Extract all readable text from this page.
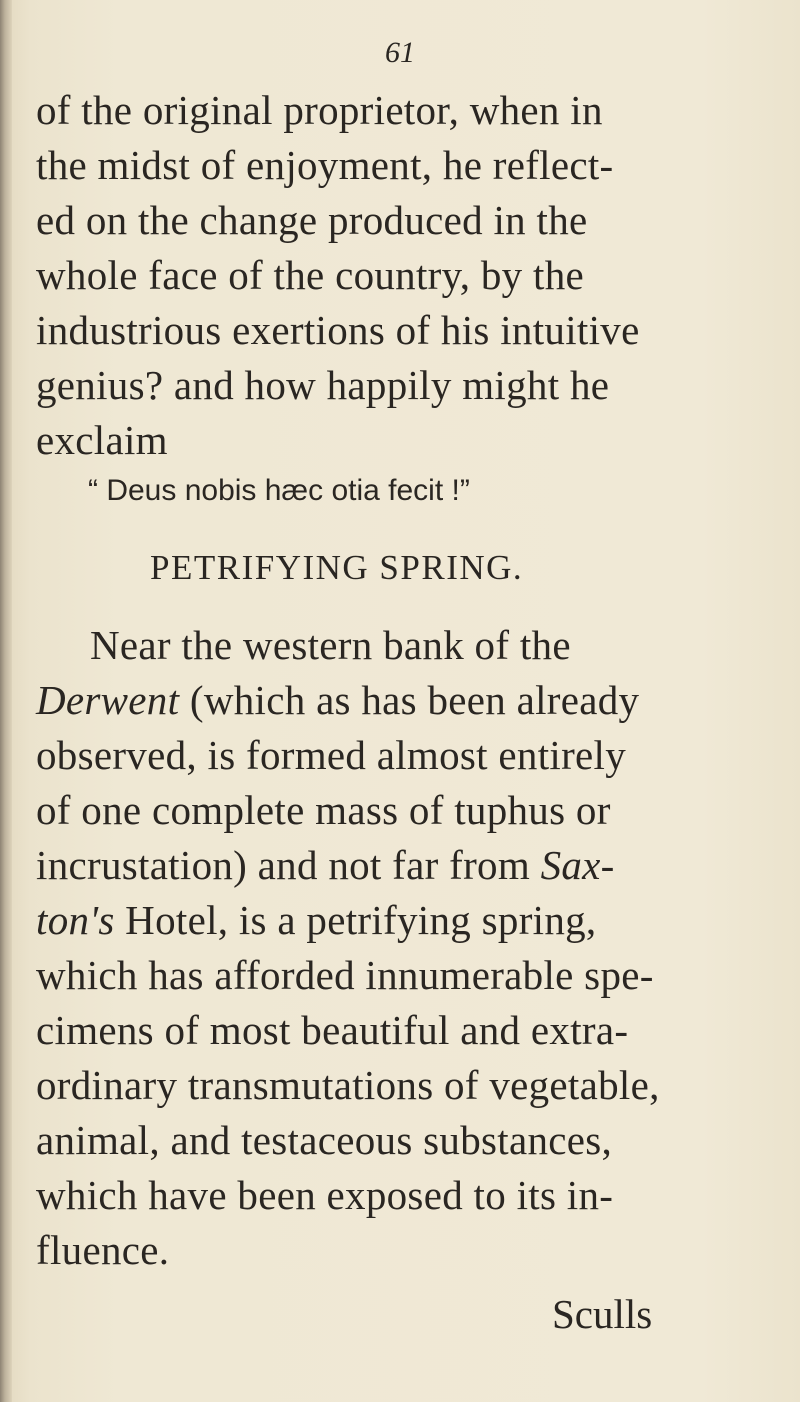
61
of the original proprietor, when in
the midst of enjoyment, he reflect-
ed on the change produced in the
whole face of the country, by the
industrious exertions of his intuitive
genius? and how happily might he
exclaim
“ Deus nobis hæc otia fecit !”
PETRIFYING SPRING.
Near the western bank of the
Derwent (which as has been already
observed, is formed almost entirely
of one complete mass of tuphus or
incrustation) and not far from Sax-
ton's Hotel, is a petrifying spring,
which has afforded innumerable spe-
cimens of most beautiful and extra-
ordinary transmutations of vegetable,
animal, and testaceous substances,
which have been exposed to its in-
fluence.
Sculls
